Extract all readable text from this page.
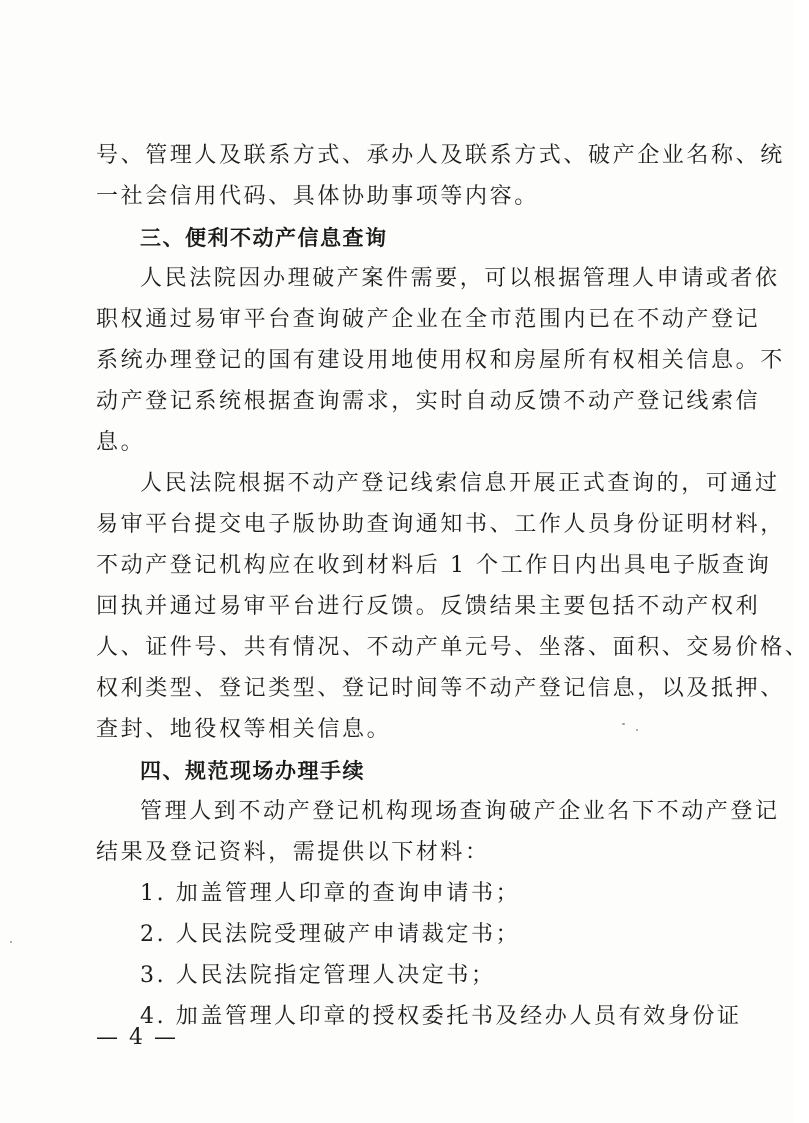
号、管理人及联系方式、承办人及联系方式、破产企业名称、统
一社会信用代码、具体协助事项等内容。
三、便利不动产信息查询
人民法院因办理破产案件需要，可以根据管理人申请或者依
职权通过易审平台查询破产企业在全市范围内已在不动产登记
系统办理登记的国有建设用地使用权和房屋所有权相关信息。不
动产登记系统根据查询需求，实时自动反馈不动产登记线索信
息。
人民法院根据不动产登记线索信息开展正式查询的，可通过
易审平台提交电子版协助查询通知书、工作人员身份证明材料，
不动产登记机构应在收到材料后 1 个工作日内出具电子版查询
回执并通过易审平台进行反馈。反馈结果主要包括不动产权利
人、证件号、共有情况、不动产单元号、坐落、面积、交易价格、
权利类型、登记类型、登记时间等不动产登记信息，以及抵押、
查封、地役权等相关信息。
四、规范现场办理手续
管理人到不动产登记机构现场查询破产企业名下不动产登记
结果及登记资料，需提供以下材料：
1. 加盖管理人印章的查询申请书；
2. 人民法院受理破产申请裁定书；
3. 人民法院指定管理人决定书；
4. 加盖管理人印章的授权委托书及经办人员有效身份证
— 4 —
